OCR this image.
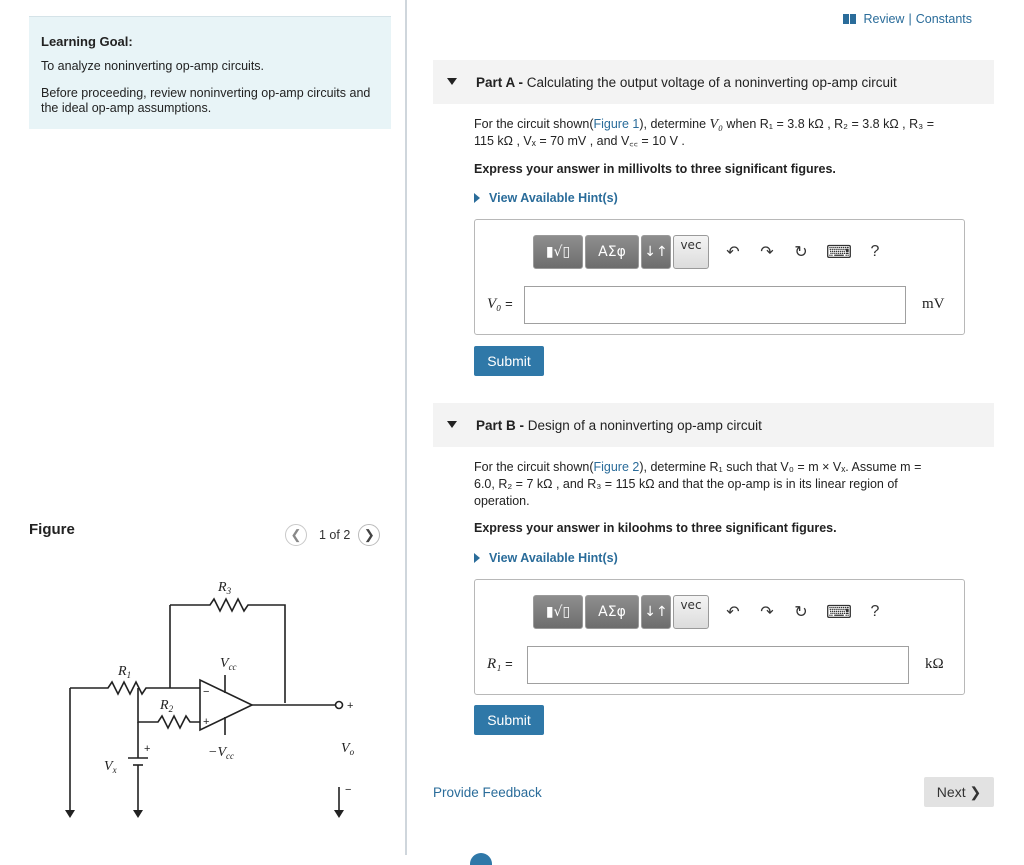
Learning Goal:

To analyze noninverting op-amp circuits.

Before proceeding, review noninverting op-amp circuits and the ideal op-amp assumptions.

Figure	❮	1 of 2	❯
$R_3$
$R_1$
$R_2$
$V_{cc}$
$-V_{cc}$
$V_x$
$V_o$
+
−
+
−
+
Review | Constants
Part A - Calculating the output voltage of a noninverting op-amp circuit
For the circuit shown(Figure 1), determine V₀ when R₁ = 3.8 kΩ , R₂ = 3.8 kΩ , R₃ =
115 kΩ , Vₓ = 70 mV , and V꜀꜀ = 10 V .
Express your answer in millivolts to three significant figures.
View Available Hint(s)
▮√▯	ΑΣφ	↓↑	vec	↶	↷	↻ ⌨	?
V₀ =	mV
Submit
Part B - Design of a noninverting op-amp circuit
For the circuit shown(Figure 2), determine R₁ such that V₀ = m × Vₓ. Assume m =
6.0, R₂ = 7 kΩ , and R₃ = 115 kΩ and that the op-amp is in its linear region of
operation.
Express your answer in kiloohms to three significant figures.
View Available Hint(s)
▮√▯	ΑΣφ	↓↑	vec	↶	↷	↻ ⌨	?
R₁ =	kΩ
Submit
Provide Feedback	Next ❯
